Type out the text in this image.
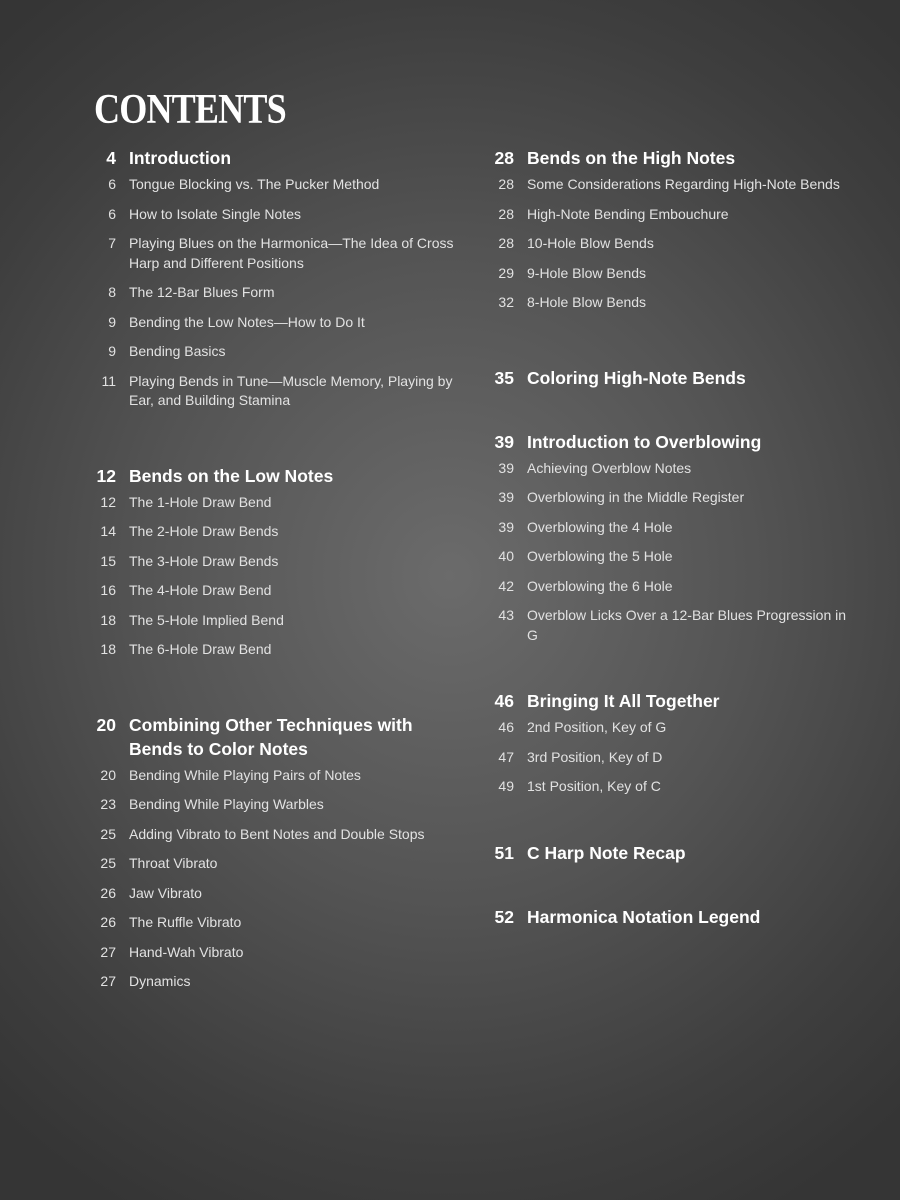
CONTENTS
4 Introduction
6 Tongue Blocking vs. The Pucker Method
6 How to Isolate Single Notes
7 Playing Blues on the Harmonica—The Idea of Cross Harp and Different Positions
8 The 12-Bar Blues Form
9 Bending the Low Notes—How to Do It
9 Bending Basics
11 Playing Bends in Tune—Muscle Memory, Playing by Ear, and Building Stamina
12 Bends on the Low Notes
12 The 1-Hole Draw Bend
14 The 2-Hole Draw Bends
15 The 3-Hole Draw Bends
16 The 4-Hole Draw Bend
18 The 5-Hole Implied Bend
18 The 6-Hole Draw Bend
20 Combining Other Techniques with Bends to Color Notes
20 Bending While Playing Pairs of Notes
23 Bending While Playing Warbles
25 Adding Vibrato to Bent Notes and Double Stops
25 Throat Vibrato
26 Jaw Vibrato
26 The Ruffle Vibrato
27 Hand-Wah Vibrato
27 Dynamics
28 Bends on the High Notes
28 Some Considerations Regarding High-Note Bends
28 High-Note Bending Embouchure
28 10-Hole Blow Bends
29 9-Hole Blow Bends
32 8-Hole Blow Bends
35 Coloring High-Note Bends
39 Introduction to Overblowing
39 Achieving Overblow Notes
39 Overblowing in the Middle Register
39 Overblowing the 4 Hole
40 Overblowing the 5 Hole
42 Overblowing the 6 Hole
43 Overblow Licks Over a 12-Bar Blues Progression in G
46 Bringing It All Together
46 2nd Position, Key of G
47 3rd Position, Key of D
49 1st Position, Key of C
51 C Harp Note Recap
52 Harmonica Notation Legend
